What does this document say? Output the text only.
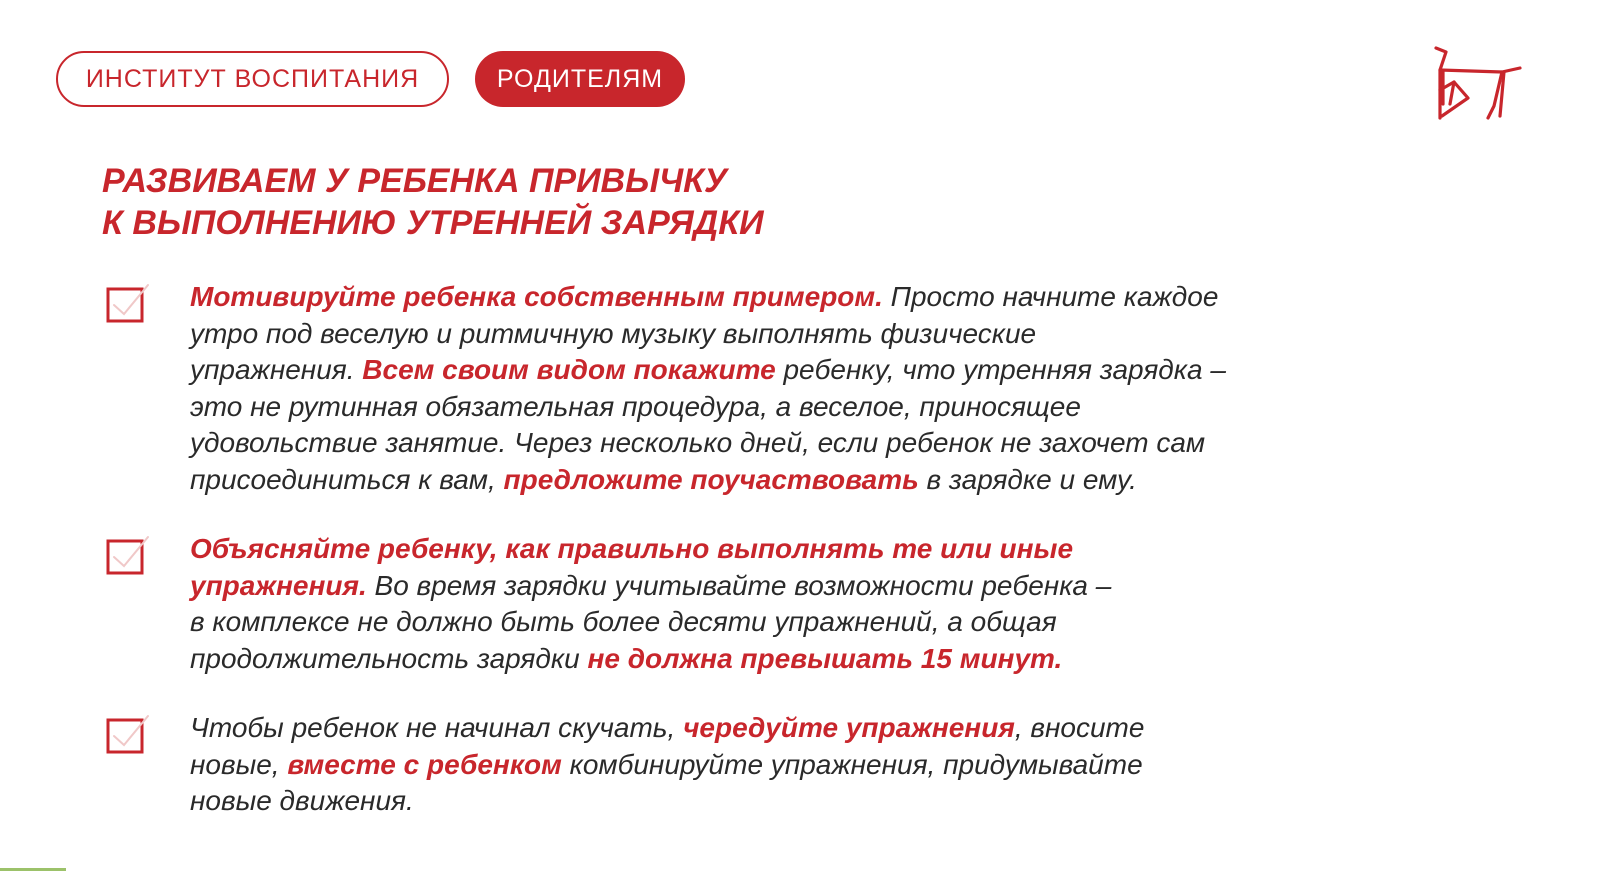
ИНСТИТУТ ВОСПИТАНИЯ	РОДИТЕЛЯМ
РАЗВИВАЕМ У РЕБЕНКА ПРИВЫЧКУ
К ВЫПОЛНЕНИЮ УТРЕННЕЙ ЗАРЯДКИ
Мотивируйте ребенка собственным примером. Просто начните каждое
утро под веселую и ритмичную музыку выполнять физические
упражнения. Всем своим видом покажите ребенку, что утренняя зарядка –
это не рутинная обязательная процедура, а веселое, приносящее
удовольствие занятие. Через несколько дней, если ребенок не захочет сам
присоединиться к вам, предложите поучаствовать в зарядке и ему.
Объясняйте ребенку, как правильно выполнять те или иные
упражнения. Во время зарядки учитывайте возможности ребенка –
в комплексе не должно быть более десяти упражнений, а общая
продолжительность зарядки не должна превышать 15 минут.
Чтобы ребенок не начинал скучать, чередуйте упражнения, вносите
новые, вместе с ребенком комбинируйте упражнения, придумывайте
новые движения.
